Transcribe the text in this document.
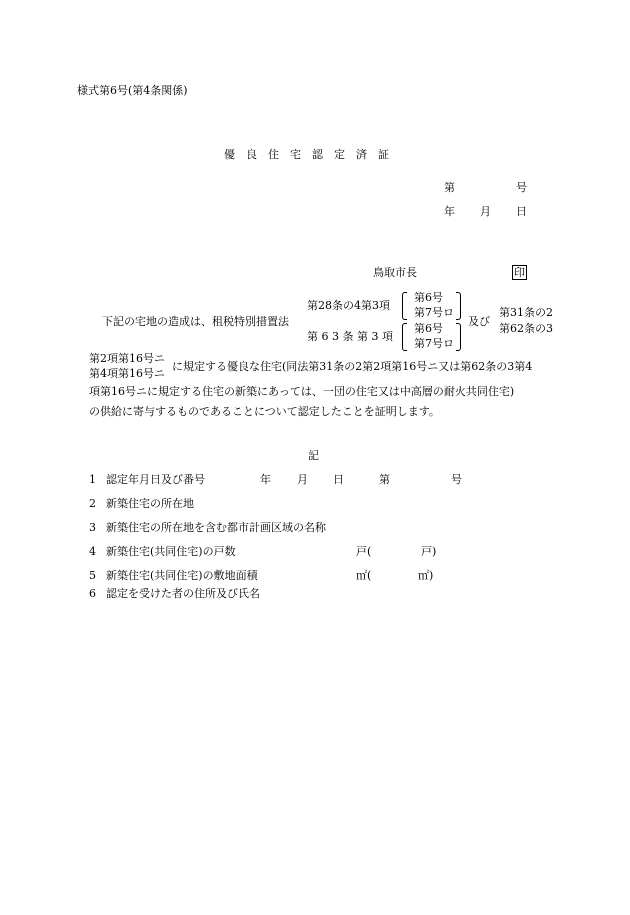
様式第6号(第4条関係)
優　良　住　宅　認　定　済　証
第	号
年 月 日
鳥取市長	印
下記の宅地の造成は、租税特別措置法
第28条の4第3項
第6号
第7号ロ
第 6 3 条 第 3 項
第6号
第7号ロ
及び
第31条の2
第62条の3
第2項第16号ニ
第4項第16号ニ
に規定する優良な住宅(同法第31条の2第2項第16号ニ又は第62条の3第4
項第16号ニに規定する住宅の新築にあっては、一団の住宅又は中高層の耐火共同住宅)
の供給に寄与するものであることについて認定したことを証明します。
記
1 認定年月日及び番号	年 月 日	第	号
2 新築住宅の所在地
3 新築住宅の所在地を含む都市計画区域の名称
4 新築住宅(共同住宅)の戸数	戸(	戸)
5 新築住宅(共同住宅)の敷地面積	㎡(	㎡)
6 認定を受けた者の住所及び氏名
